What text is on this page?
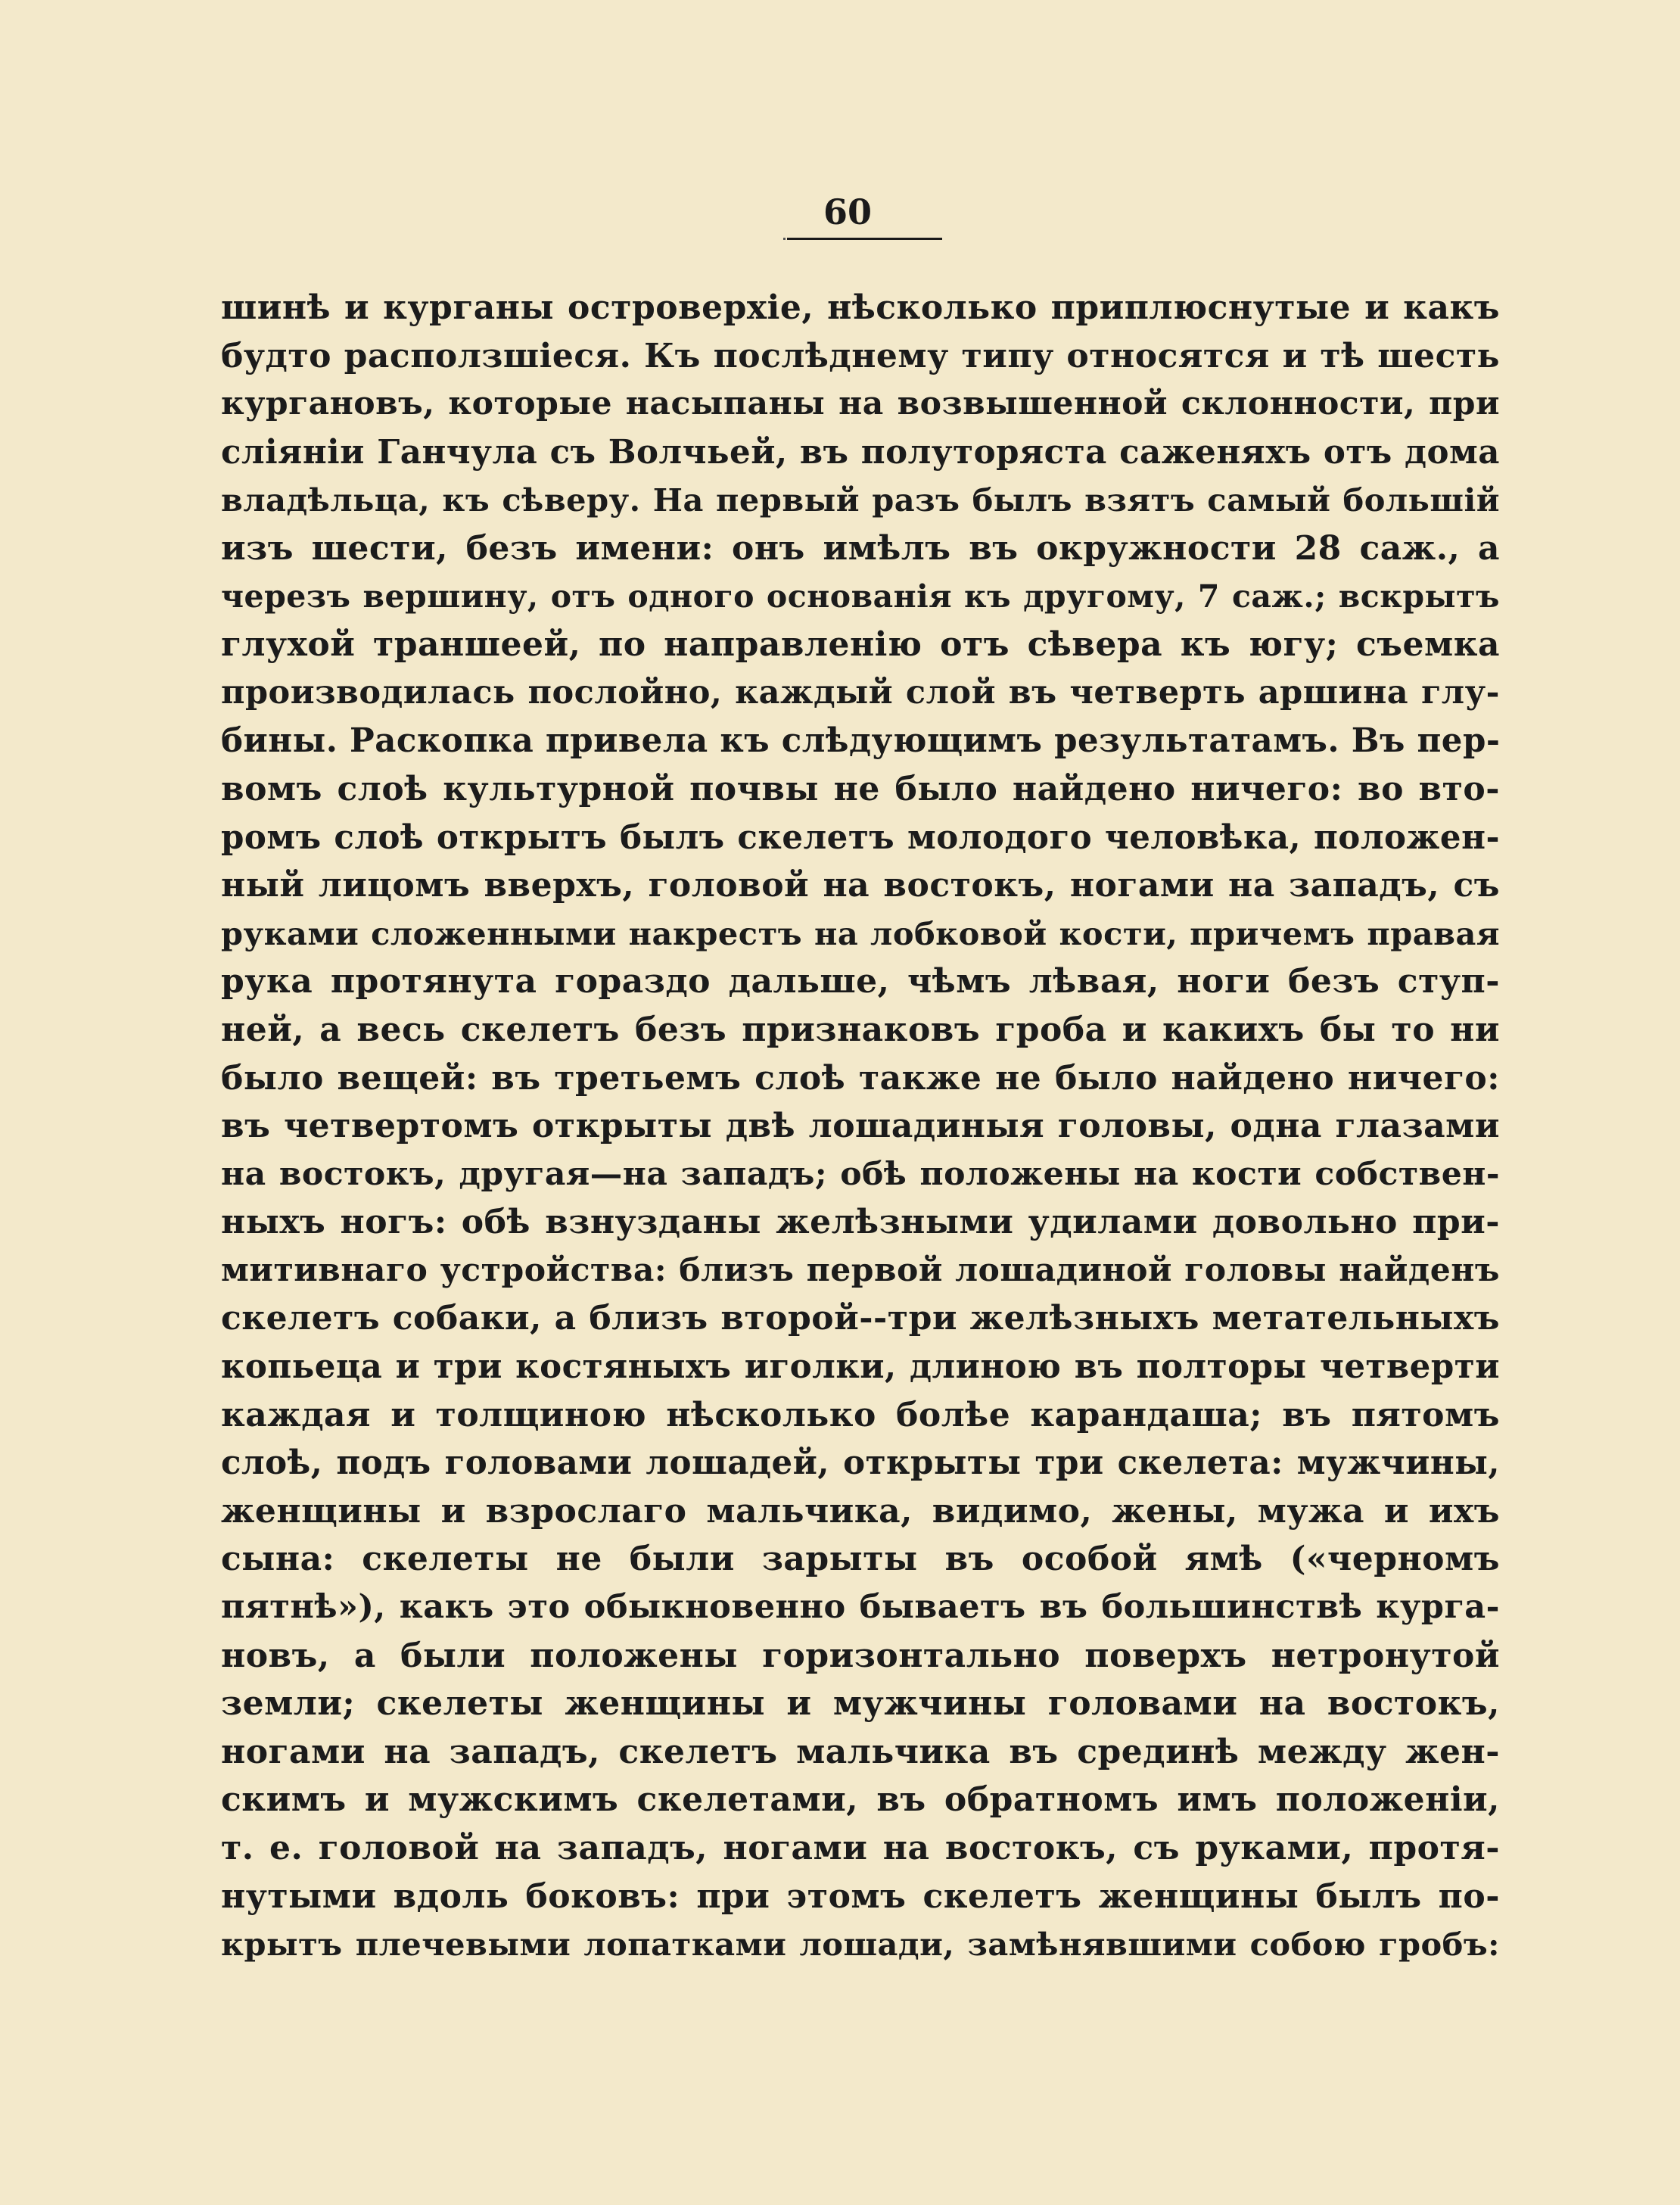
60
шинѣ и курганы островерхіе, нѣсколько приплюснутые и какъ
будто расползшіеся. Къ послѣднему типу относятся и тѣ шесть
кургановъ, которые насыпаны на возвышенной склонности, при
сліяніи Ганчула съ Волчьей, въ полуторяста саженяхъ отъ дома
владѣльца, къ сѣверу. На первый разъ былъ взятъ самый большій
изъ шести, безъ имени: онъ имѣлъ въ окружности 28 саж., а
черезъ вершину, отъ одного основанія къ другому, 7 саж.; вскрытъ
глухой траншеей, по направленію отъ сѣвера къ югу; съемка
производилась послойно, каждый слой въ четверть аршина глу-
бины. Раскопка привела къ слѣдующимъ результатамъ. Въ пер-
вомъ слоѣ культурной почвы не было найдено ничего: во вто-
ромъ слоѣ открытъ былъ скелетъ молодого человѣка, положен-
ный лицомъ вверхъ, головой на востокъ, ногами на западъ, съ
руками сложенными накрестъ на лобковой кости, причемъ правая
рука протянута гораздо дальше, чѣмъ лѣвая, ноги безъ ступ-
ней, а весь скелетъ безъ признаковъ гроба и какихъ бы то ни
было вещей: въ третьемъ слоѣ также не было найдено ничего:
въ четвертомъ открыты двѣ лошадиныя головы, одна глазами
на востокъ, другая—на западъ; обѣ положены на кости собствен-
ныхъ ногъ: обѣ взнузданы желѣзными удилами довольно при-
митивнаго устройства: близъ первой лошадиной головы найденъ
скелетъ собаки, а близъ второй--три желѣзныхъ метательныхъ
копьеца и три костяныхъ иголки, длиною въ полторы четверти
каждая и толщиною нѣсколько болѣе карандаша; въ пятомъ
слоѣ, подъ головами лошадей, открыты три скелета: мужчины,
женщины и взрослаго мальчика, видимо, жены, мужа и ихъ
сына: скелеты не были зарыты въ особой ямѣ («черномъ
пятнѣ»), какъ это обыкновенно бываетъ въ большинствѣ курга-
новъ, а были положены горизонтально поверхъ нетронутой
земли; скелеты женщины и мужчины головами на востокъ,
ногами на западъ, скелетъ мальчика въ срединѣ между жен-
скимъ и мужскимъ скелетами, въ обратномъ имъ положеніи,
т. е. головой на западъ, ногами на востокъ, съ руками, протя-
нутыми вдоль боковъ: при этомъ скелетъ женщины былъ по-
крытъ плечевыми лопатками лошади, замѣнявшими собою гробъ:
